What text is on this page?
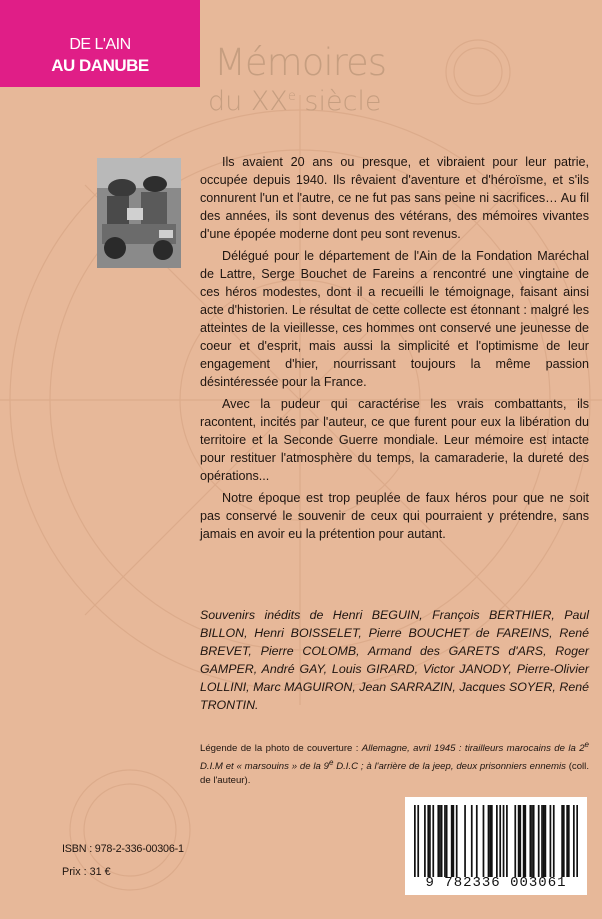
DE L'AIN
AU DANUBE	Mémoires
du XXe siècle

Ils avaient 20 ans ou presque, et vibraient pour leur patrie, occupée depuis 1940. Ils rêvaient d'aventure et d'héroïsme, et s'ils connurent l'un et l'autre, ce ne fut pas sans peine ni sacrifices… Au fil des années, ils sont devenus des vétérans, des mémoires vivantes d'une épopée moderne dont peu sont revenus.

Délégué pour le département de l'Ain de la Fondation Maréchal de Lattre, Serge Bouchet de Fareins a rencontré une vingtaine de ces héros modestes, dont il a recueilli le témoignage, faisant ainsi acte d'historien. Le résultat de cette collecte est étonnant : malgré les atteintes de la vieillesse, ces hommes ont conservé une jeunesse de coeur et d'esprit, mais aussi la simplicité et l'optimisme de leur engagement d'hier, nourrissant toujours la même passion désintéressée pour la France.

Avec la pudeur qui caractérise les vrais combattants, ils racontent, incités par l'auteur, ce que furent pour eux la libération du territoire et la Seconde Guerre mondiale. Leur mémoire est intacte pour restituer l'atmosphère du temps, la camaraderie, la dureté des opérations...

Notre époque est trop peuplée de faux héros pour que ne soit pas conservé le souvenir de ceux qui pourraient y prétendre, sans jamais en avoir eu la prétention pour autant.

Souvenirs inédits de Henri BEGUIN, François BERTHIER, Paul BILLON, Henri BOISSELET, Pierre BOUCHET de FAREINS, René BREVET, Pierre COLOMB, Armand des GARETS d'ARS, Roger GAMPER, André GAY, Louis GIRARD, Victor JANODY, Pierre-Olivier LOLLINI, Marc MAGUIRON, Jean SARRAZIN, Jacques SOYER, René TRONTIN.
Légende de la photo de couverture : Allemagne, avril 1945 : tirailleurs marocains de la 2e D.I.M et « marsouins » de la 9e D.I.C ; à l'arrière de la jeep, deux prisonniers ennemis (coll. de l'auteur).
ISBN : 978-2-336-00306-1
Prix : 31 €
9 782336 003061
